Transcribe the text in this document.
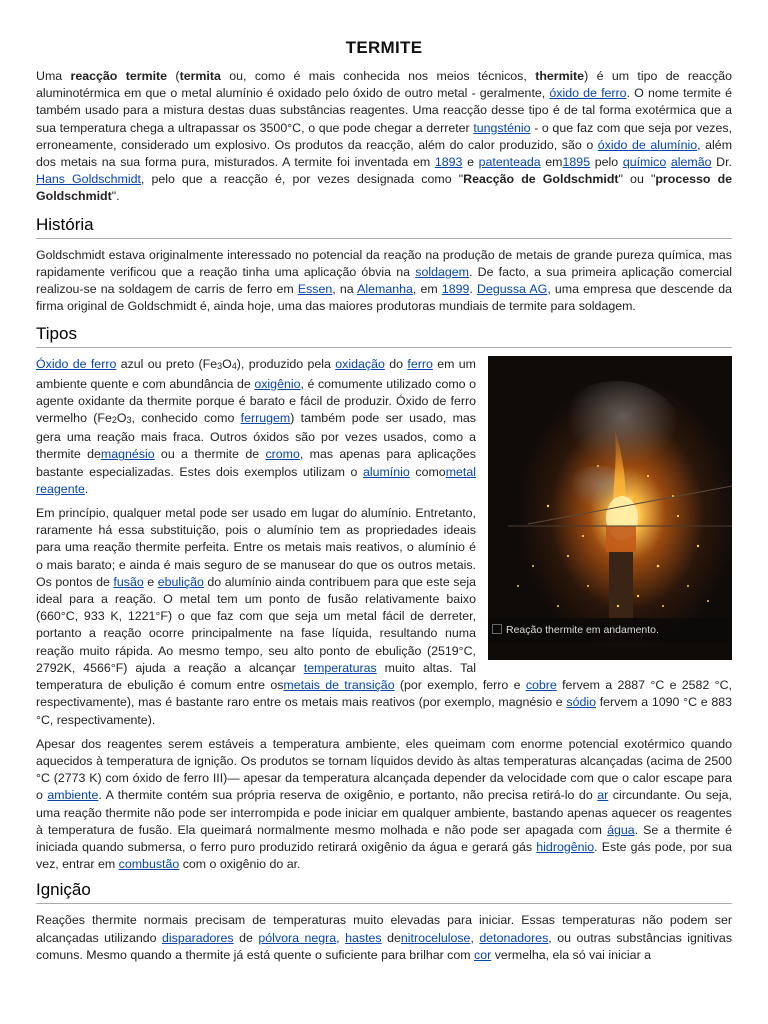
TERMITE

Uma reacção termite (termita ou, como é mais conhecida nos meios técnicos, thermite) é um tipo de reacção aluminotérmica em que o metal alumínio é oxidado pelo óxido de outro metal - geralmente, óxido de ferro. O nome termite é também usado para a mistura destas duas substâncias reagentes. Uma reacção desse tipo é de tal forma exotérmica que a sua temperatura chega a ultrapassar os 3500°C, o que pode chegar a derreter tungsténio - o que faz com que seja por vezes, erroneamente, considerado um explosivo. Os produtos da reacção, além do calor produzido, são o óxido de alumínio, além dos metais na sua forma pura, misturados. A termite foi inventada em 1893 e patenteada em1895 pelo químico alemão Dr. Hans Goldschmidt, pelo que a reacção é, por vezes designada como "Reacção de Goldschmidt" ou "processo de Goldschmidt".

História

Goldschmidt estava originalmente interessado no potencial da reação na produção de metais de grande pureza química, mas rapidamente verificou que a reação tinha uma aplicação óbvia na soldagem. De facto, a sua primeira aplicação comercial realizou-se na soldagem de carris de ferro em Essen, na Alemanha, em 1899. Degussa AG, uma empresa que descende da firma original de Goldschmidt é, ainda hoje, uma das maiores produtoras mundiais de termite para soldagem.

Tipos
Reação thermite em andamento.

Óxido de ferro azul ou preto $(Fe_3O_4)$, produzido pela oxidação do ferro em um ambiente quente e com abundância de oxigênio, é comumente utilizado como o agente oxidante da thermite porque é barato e fácil de produzir. Óxido de ferro vermelho ($Fe_2O_3$, conhecido como ferrugem) também pode ser usado, mas gera uma reação mais fraca. Outros óxidos são por vezes usados, como a thermite demagnésio ou a thermite de cromo, mas apenas para aplicações bastante especializadas. Estes dois exemplos utilizam o alumínio comometal reagente.

Em princípio, qualquer metal pode ser usado em lugar do alumínio. Entretanto, raramente há essa substituição, pois o alumínio tem as propriedades ideais para uma reação thermite perfeita. Entre os metais mais reativos, o alumínio é o mais barato; e ainda é mais seguro de se manusear do que os outros metais. Os pontos de fusão e ebulição do alumínio ainda contribuem para que este seja ideal para a reação. O metal tem um ponto de fusão relativamente baixo (660°C, 933 K, 1221°F) o que faz com que seja um metal fácil de derreter, portanto a reação ocorre principalmente na fase líquida, resultando numa reação muito rápida. Ao mesmo tempo, seu alto ponto de ebulição (2519°C, 2792K, 4566°F) ajuda a reação a alcançar temperaturas muito altas. Tal temperatura de ebulição é comum entre osmetais de transição (por exemplo, ferro e cobre fervem a 2887 °C e 2582 °C, respectivamente), mas é bastante raro entre os metais mais reativos (por exemplo, magnésio e sódio fervem a 1090 °C e 883 °C, respectivamente).

Apesar dos reagentes serem estáveis a temperatura ambiente, eles queimam com enorme potencial exotérmico quando aquecidos à temperatura de ignição. Os produtos se tornam líquidos devido às altas temperaturas alcançadas (acima de 2500 °C (2773 K) com óxido de ferro III)— apesar da temperatura alcançada depender da velocidade com que o calor escape para o ambiente. A thermite contém sua própria reserva de oxigênio, e portanto, não precisa retirá-lo do ar circundante. Ou seja, uma reação thermite não pode ser interrompida e pode iniciar em qualquer ambiente, bastando apenas aquecer os reagentes à temperatura de fusão. Ela queimará normalmente mesmo molhada e não pode ser apagada com água. Se a thermite é iniciada quando submersa, o ferro puro produzido retirará oxigênio da água e gerará gás hidrogênio. Este gás pode, por sua vez, entrar em combustão com o oxigênio do ar.

Ignição

Reações thermite normais precisam de temperaturas muito elevadas para iniciar. Essas temperaturas não podem ser alcançadas utilizando disparadores de pólvora negra, hastes denitrocelulose, detonadores, ou outras substâncias ignitivas comuns. Mesmo quando a thermite já está quente o suficiente para brilhar com cor vermelha, ela só vai iniciar a
